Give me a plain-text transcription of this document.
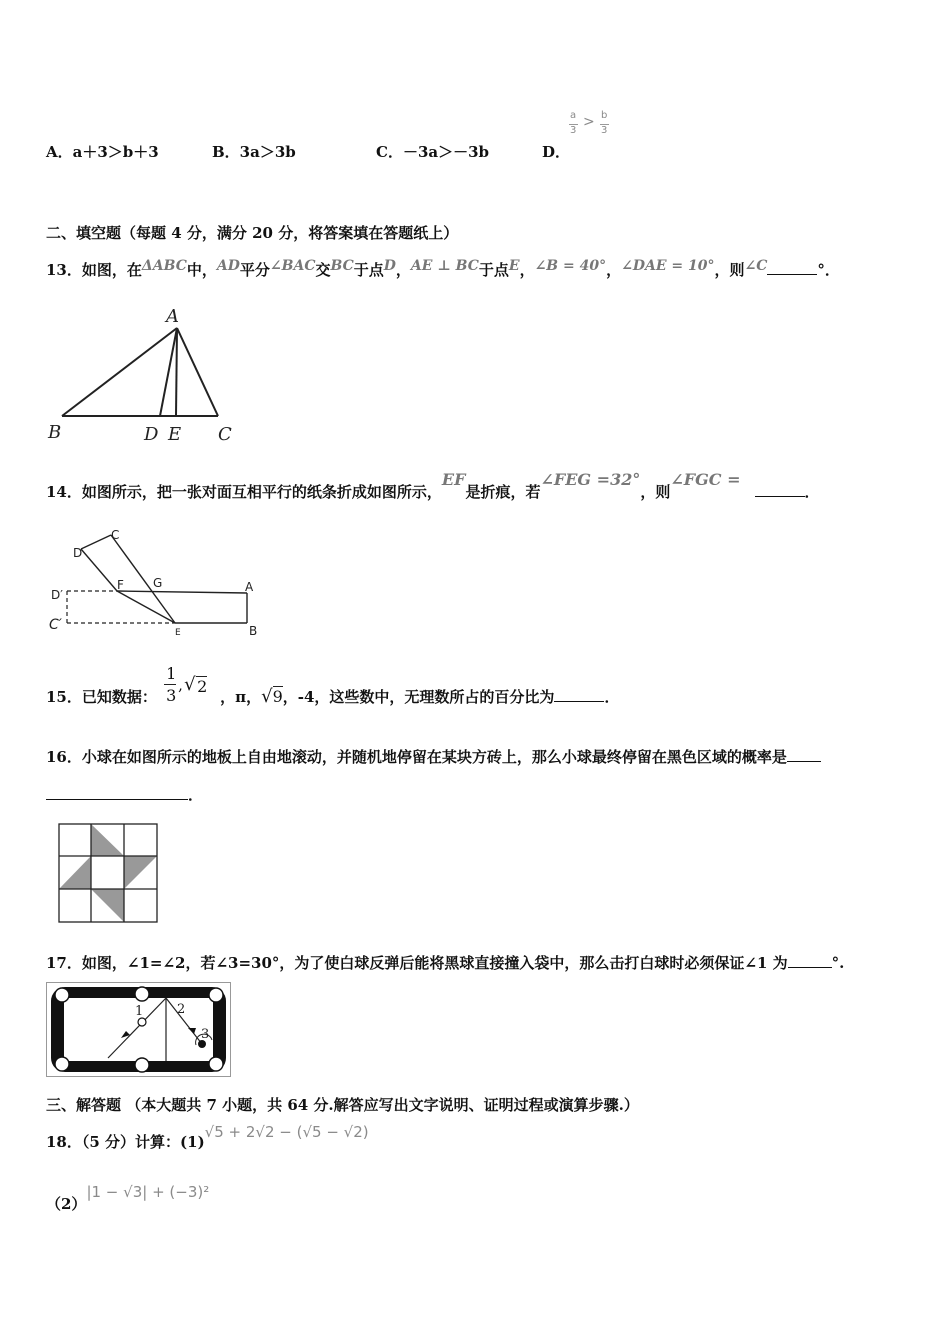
A．a＋3＞b＋3	B．3a＞3b	C．－3a＞－3b	D．
a
3
> b
3
二、填空题（每题 4 分，满分 20 分，将答案填在答题纸上）
13．如图，在ΔABC中，AD平分∠BAC交BC于点D，AE ⊥ BC于点E，∠B = 40°，∠DAE = 10°，则∠C	°．
A
B	D E C
14．如图所示，把一张对面互相平行的纸条折成如图所示，EF是折痕，若∠FEG =32°，则∠FGC =．
C
D
F G	A
D′
C′	E	B
15．已知数据：
1
3
, √ 2
，π，√9，-4，这些数中，无理数所占的百分比为	．
16．小球在如图所示的地板上自由地滚动，并随机地停留在某块方砖上，那么小球最终停留在黑色区域的概率是
．
17．如图，∠1=∠2，若∠3=30°，为了使白球反弹后能将黑球直接撞入袋中，那么击打白球时必须保证∠1 为	°.
1	2
3
三、解答题 （本大题共 7 小题，共 64 分.解答应写出文字说明、证明过程或演算步骤.）
18．（5 分）计算：(1)√5 + 2√2 − (√5 − √2)
（2）|1 − √3| + (−3)²
